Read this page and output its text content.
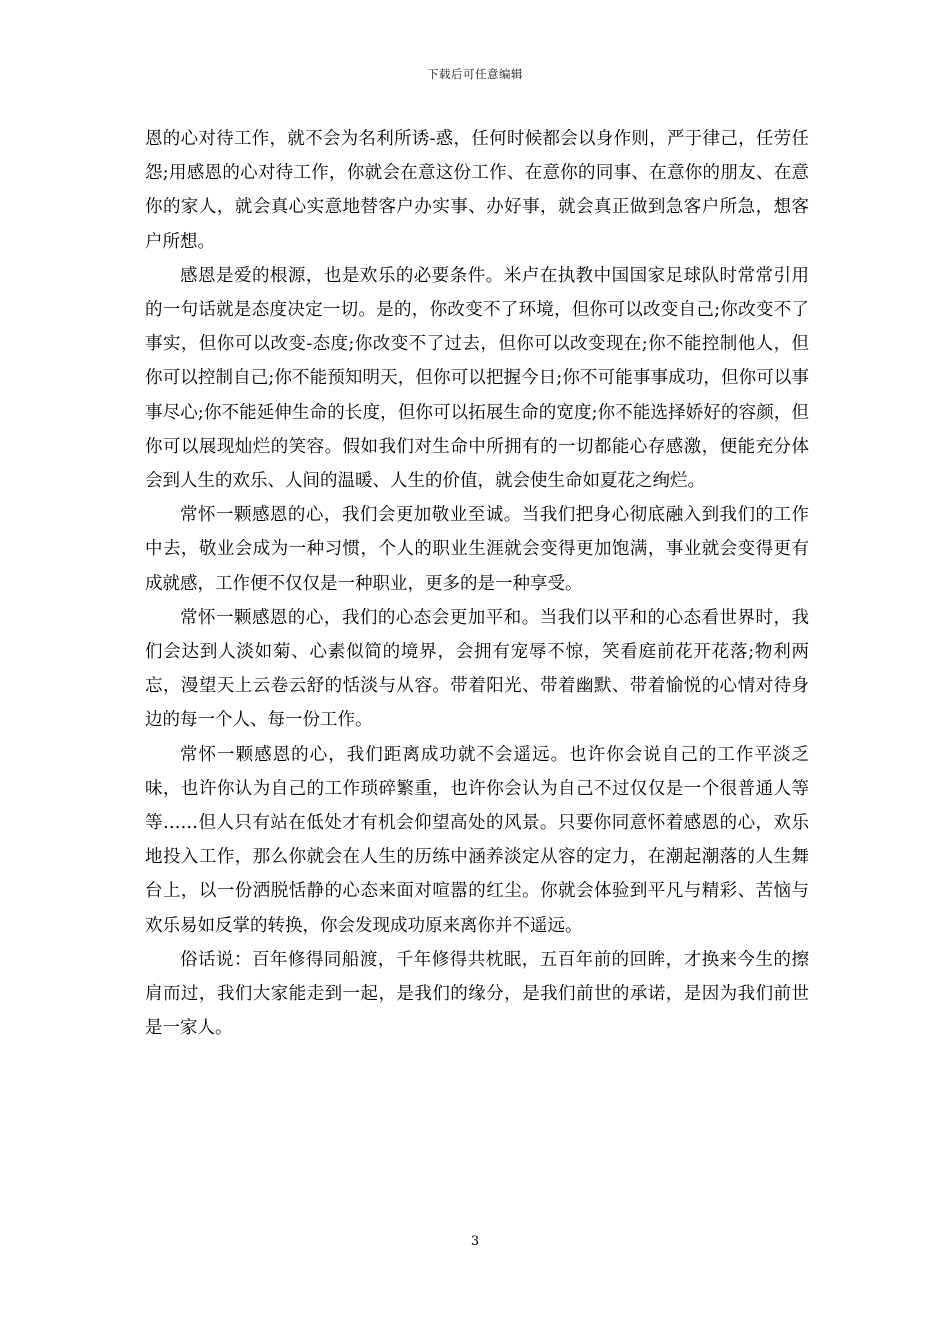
下载后可任意编辑

恩的心对待工作，就不会为名利所诱-惑，任何时候都会以身作则，严于律己，任劳任怨;用感恩的心对待工作，你就会在意这份工作、在意你的同事、在意你的朋友、在意你的家人，就会真心实意地替客户办实事、办好事，就会真正做到急客户所急，想客户所想。

感恩是爱的根源，也是欢乐的必要条件。米卢在执教中国国家足球队时常常引用的一句话就是态度决定一切。是的，你改变不了环境，但你可以改变自己;你改变不了事实，但你可以改变-态度;你改变不了过去，但你可以改变现在;你不能控制他人，但你可以控制自己;你不能预知明天，但你可以把握今日;你不可能事事成功，但你可以事事尽心;你不能延伸生命的长度，但你可以拓展生命的宽度;你不能选择娇好的容颜，但你可以展现灿烂的笑容。假如我们对生命中所拥有的一切都能心存感激，便能充分体会到人生的欢乐、人间的温暖、人生的价值，就会使生命如夏花之绚烂。

常怀一颗感恩的心，我们会更加敬业至诚。当我们把身心彻底融入到我们的工作中去，敬业会成为一种习惯，个人的职业生涯就会变得更加饱满，事业就会变得更有成就感，工作便不仅仅是一种职业，更多的是一种享受。

常怀一颗感恩的心，我们的心态会更加平和。当我们以平和的心态看世界时，我们会达到人淡如菊、心素似简的境界，会拥有宠辱不惊，笑看庭前花开花落;物利两忘，漫望天上云卷云舒的恬淡与从容。带着阳光、带着幽默、带着愉悦的心情对待身边的每一个人、每一份工作。

常怀一颗感恩的心，我们距离成功就不会遥远。也许你会说自己的工作平淡乏味，也许你认为自己的工作琐碎繁重，也许你会认为自己不过仅仅是一个很普通人等等……但人只有站在低处才有机会仰望高处的风景。只要你同意怀着感恩的心，欢乐地投入工作，那么你就会在人生的历练中涵养淡定从容的定力，在潮起潮落的人生舞台上，以一份洒脱恬静的心态来面对喧嚣的红尘。你就会体验到平凡与精彩、苦恼与欢乐易如反掌的转换，你会发现成功原来离你并不遥远。

俗话说：百年修得同船渡，千年修得共枕眠，五百年前的回眸，才换来今生的擦肩而过，我们大家能走到一起，是我们的缘分，是我们前世的承诺，是因为我们前世是一家人。

3
